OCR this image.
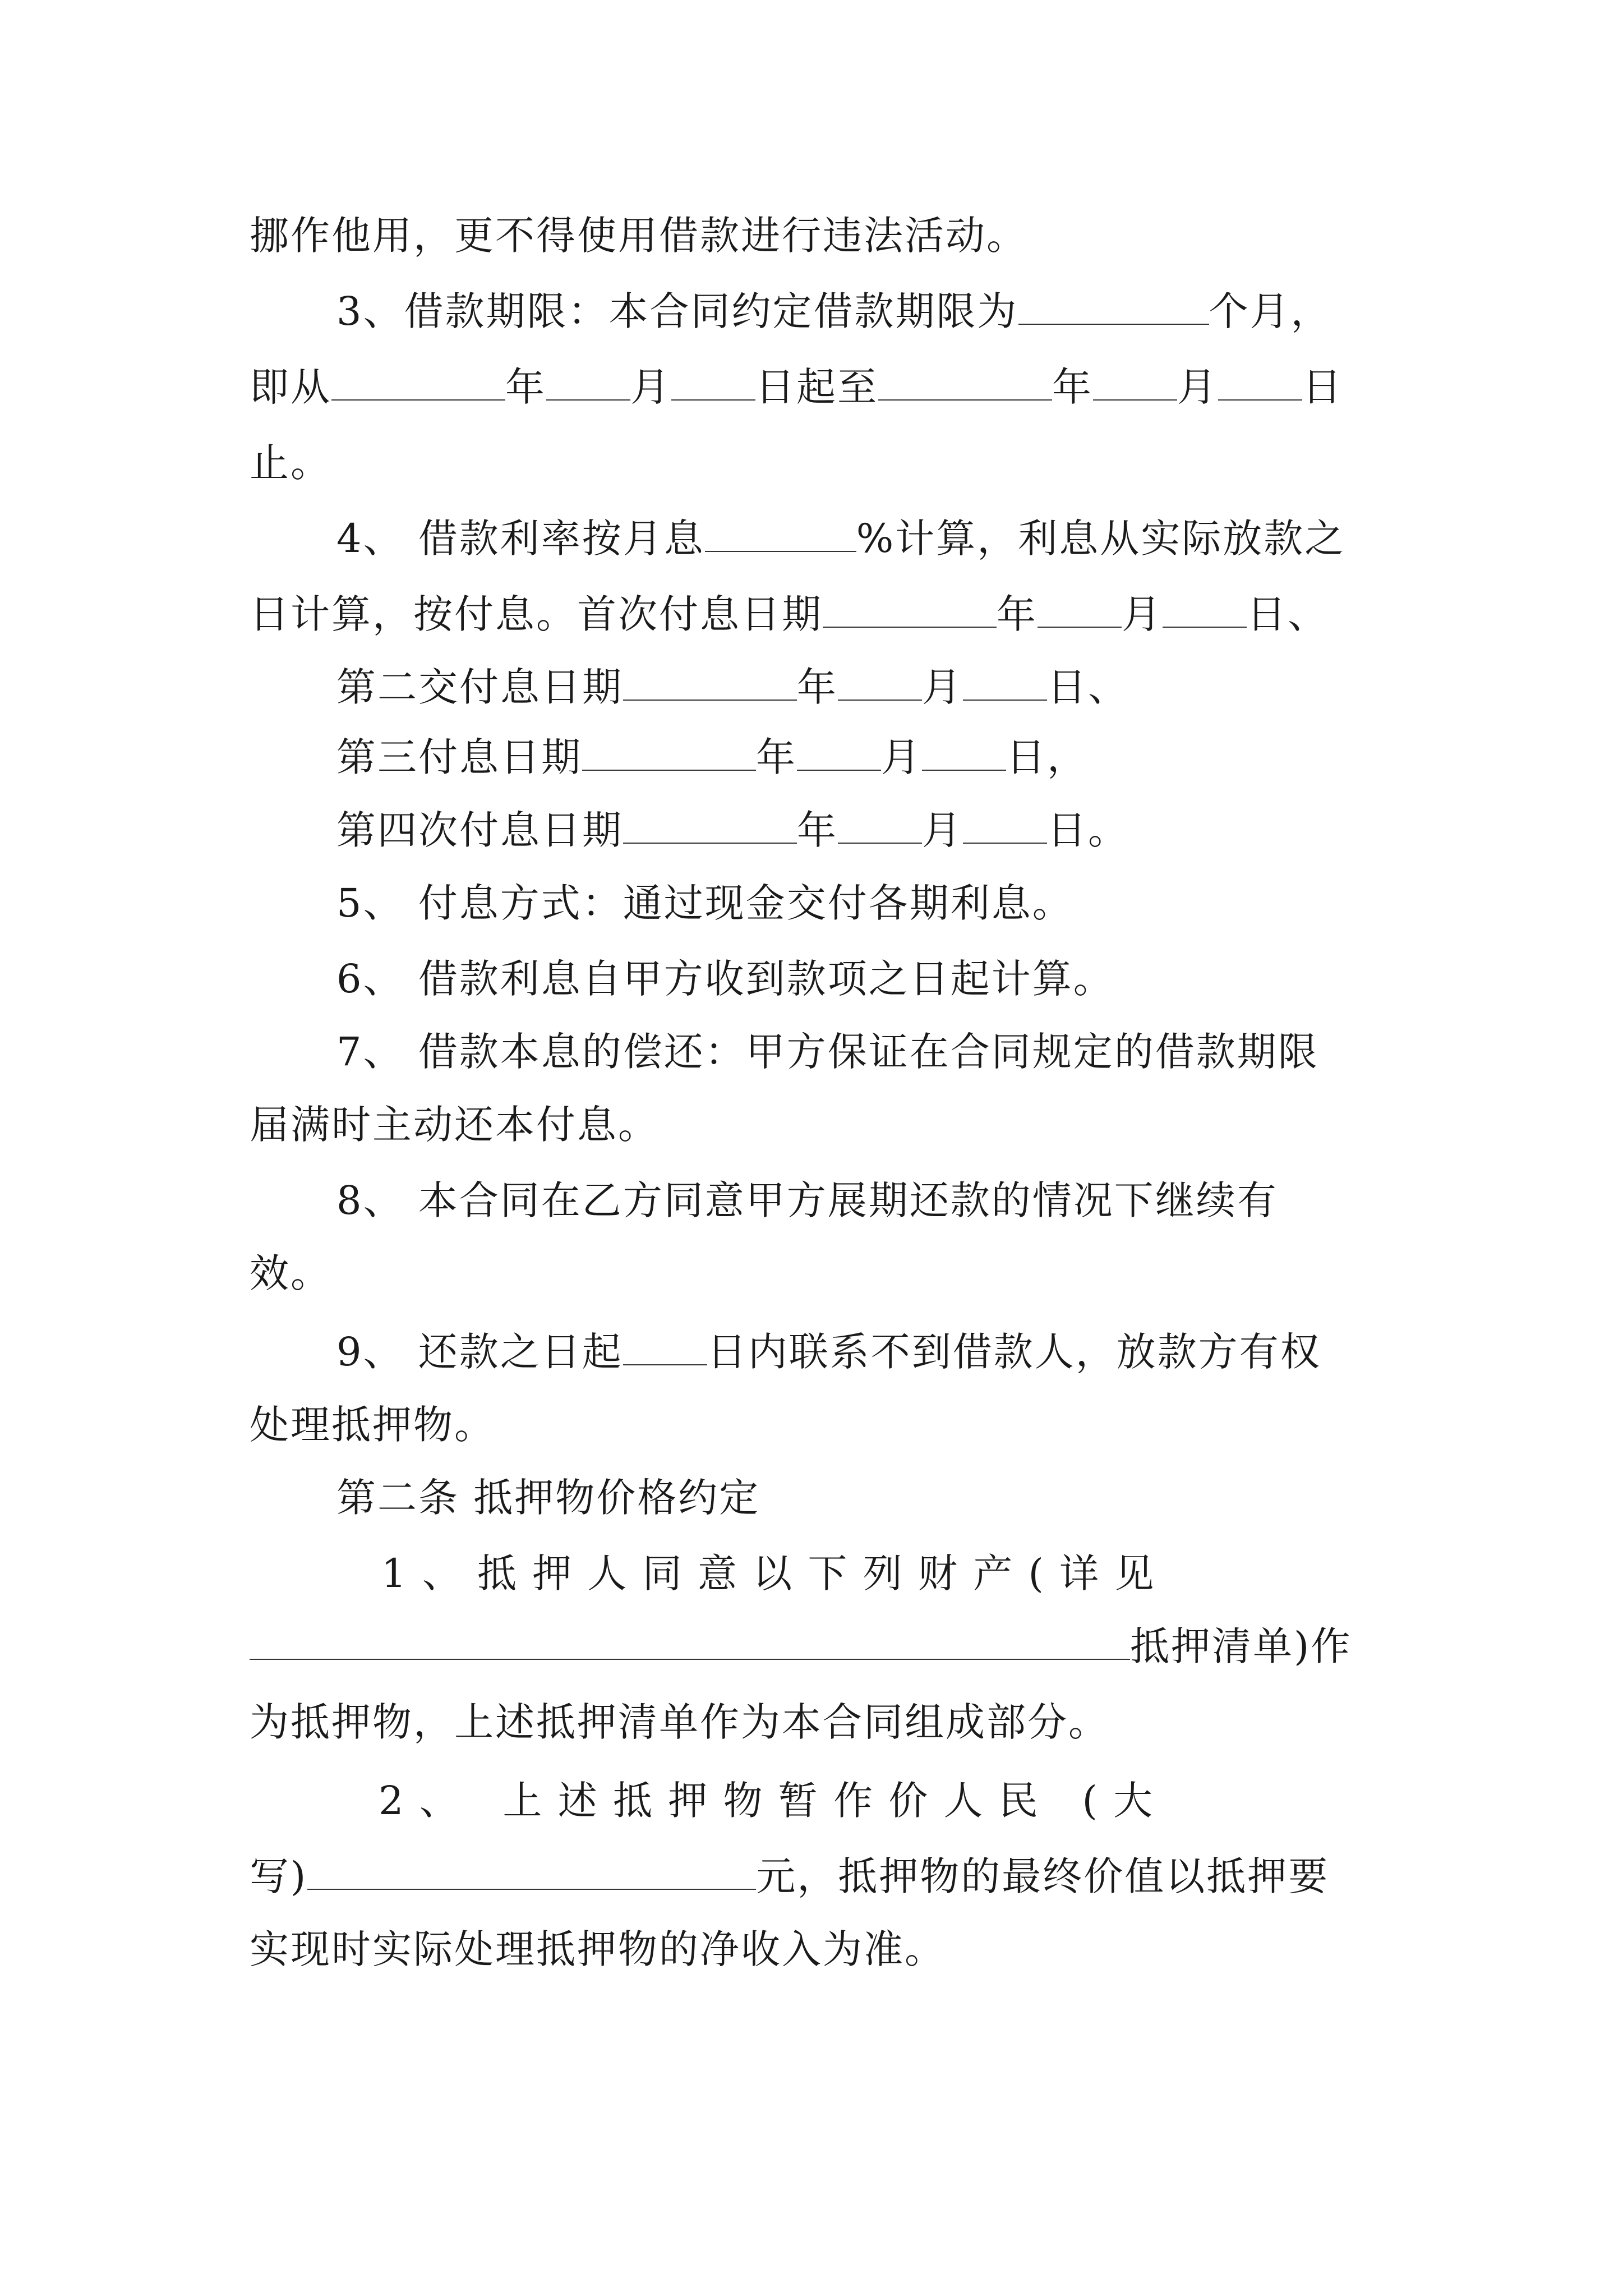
挪作他用，更不得使用借款进行违法活动。
3、借款期限：本合同约定借款期限为	个月，
即从	年 月 日起至	年 月 日
止。
4、 借款利率按月息	%计算，利息从实际放款之
日计算，按付息。首次付息日期	年 月 日、
第二交付息日期	年 月 日、
第三付息日期	年 月 日，
第四次付息日期	年 月 日。
5、 付息方式：通过现金交付各期利息。
6、 借款利息自甲方收到款项之日起计算。
7、 借款本息的偿还：甲方保证在合同规定的借款期限
届满时主动还本付息。
8、 本合同在乙方同意甲方展期还款的情况下继续有
效。
9、 还款之日起 日内联系不到借款人，放款方有权
处理抵押物。
第二条 抵押物价格约定
1 、 抵 押 人 同 意 以 下 列 财 产 ( 详 见
抵押清单)作
为抵押物，上述抵押清单作为本合同组成部分。
2 、   上 述 抵 押 物 暂 作 价 人 民   ( 大
写)	元，抵押物的最终价值以抵押要
实现时实际处理抵押物的净收入为准。
